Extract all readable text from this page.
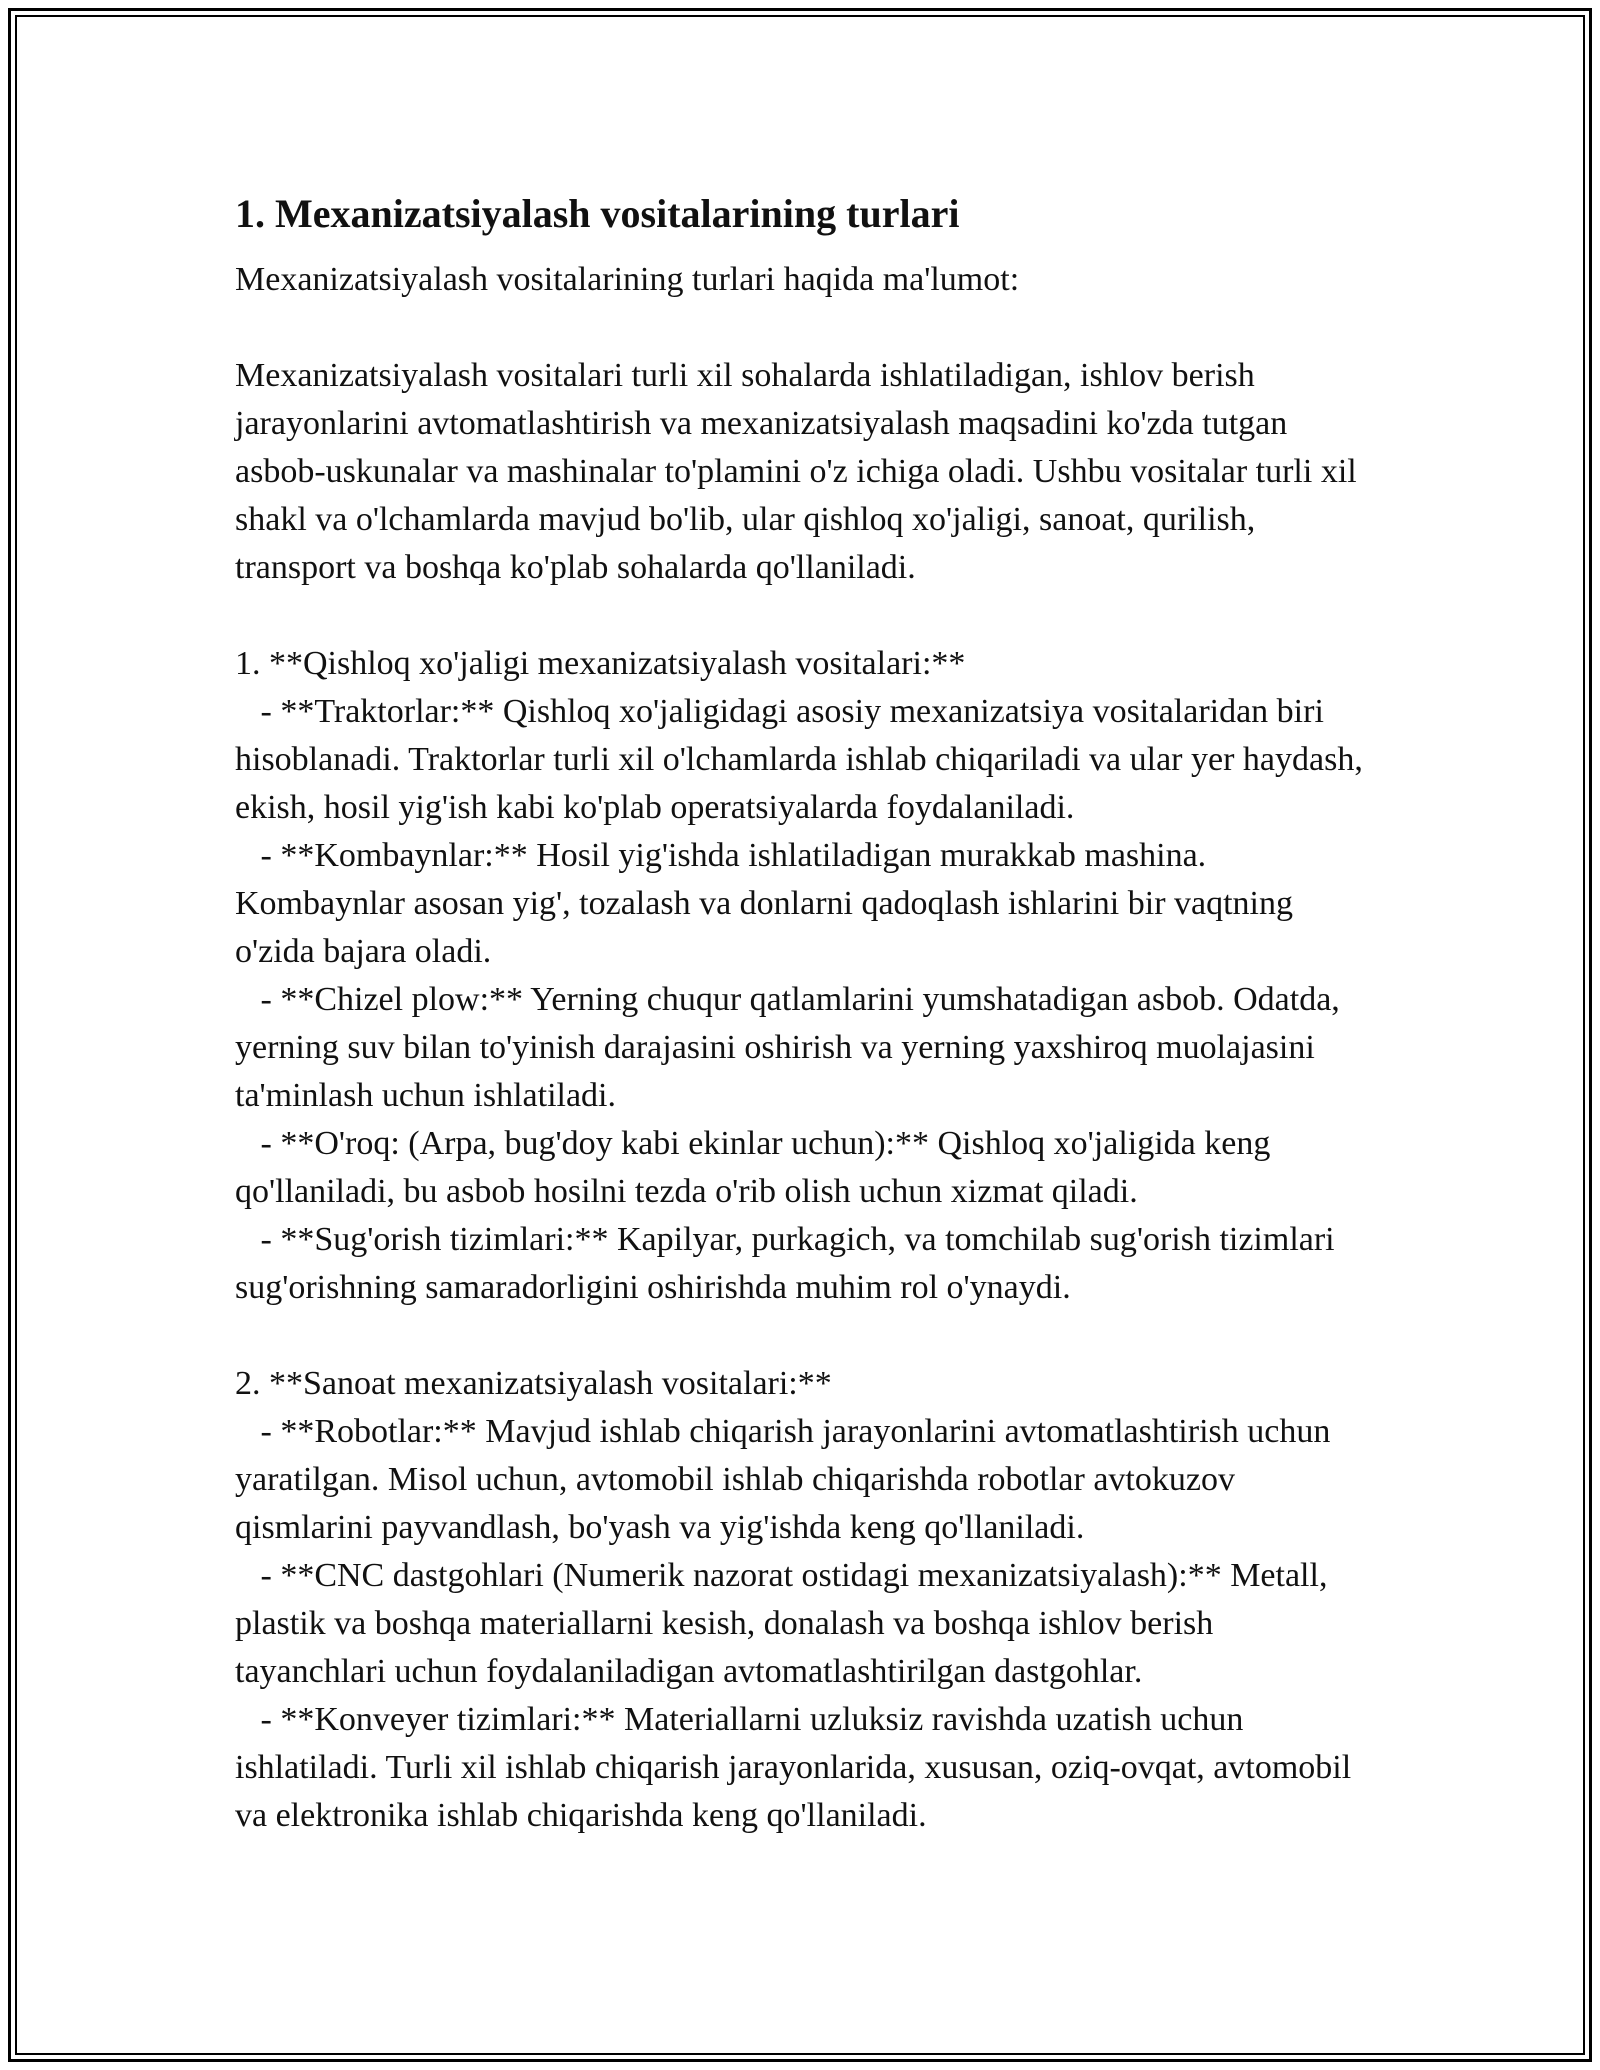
1. Mexanizatsiyalash vositalarining turlari

Mexanizatsiyalash vositalarining turlari haqida ma'lumot:

Mexanizatsiyalash vositalari turli xil sohalarda ishlatiladigan, ishlov berish jarayonlarini avtomatlashtirish va mexanizatsiyalash maqsadini ko'zda tutgan asbob-uskunalar va mashinalar to'plamini o'z ichiga oladi. Ushbu vositalar turli xil shakl va o'lchamlarda mavjud bo'lib, ular qishloq xo'jaligi, sanoat, qurilish, transport va boshqa ko'plab sohalarda qo'llaniladi.

1. **Qishloq xo'jaligi mexanizatsiyalash vositalari:**

- **Traktorlar:** Qishloq xo'jaligidagi asosiy mexanizatsiya vositalaridan biri hisoblanadi. Traktorlar turli xil o'lchamlarda ishlab chiqariladi va ular yer haydash, ekish, hosil yig'ish kabi ko'plab operatsiyalarda foydalaniladi.

- **Kombaynlar:** Hosil yig'ishda ishlatiladigan murakkab mashina. Kombaynlar asosan yig', tozalash va donlarni qadoqlash ishlarini bir vaqtning o'zida bajara oladi.

- **Chizel plow:** Yerning chuqur qatlamlarini yumshatadigan asbob. Odatda, yerning suv bilan to'yinish darajasini oshirish va yerning yaxshiroq muolajasini ta'minlash uchun ishlatiladi.

- **O'roq: (Arpa, bug'doy kabi ekinlar uchun):** Qishloq xo'jaligida keng qo'llaniladi, bu asbob hosilni tezda o'rib olish uchun xizmat qiladi.

- **Sug'orish tizimlari:** Kapilyar, purkagich, va tomchilab sug'orish tizimlari sug'orishning samaradorligini oshirishda muhim rol o'ynaydi.

2. **Sanoat mexanizatsiyalash vositalari:**

- **Robotlar:** Mavjud ishlab chiqarish jarayonlarini avtomatlashtirish uchun yaratilgan. Misol uchun, avtomobil ishlab chiqarishda robotlar avtokuzov qismlarini payvandlash, bo'yash va yig'ishda keng qo'llaniladi.

- **CNC dastgohlari (Numerik nazorat ostidagi mexanizatsiyalash):** Metall, plastik va boshqa materiallarni kesish, donalash va boshqa ishlov berish tayanchlari uchun foydalaniladigan avtomatlashtirilgan dastgohlar.

- **Konveyer tizimlari:** Materiallarni uzluksiz ravishda uzatish uchun ishlatiladi. Turli xil ishlab chiqarish jarayonlarida, xususan, oziq-ovqat, avtomobil va elektronika ishlab chiqarishda keng qo'llaniladi.
